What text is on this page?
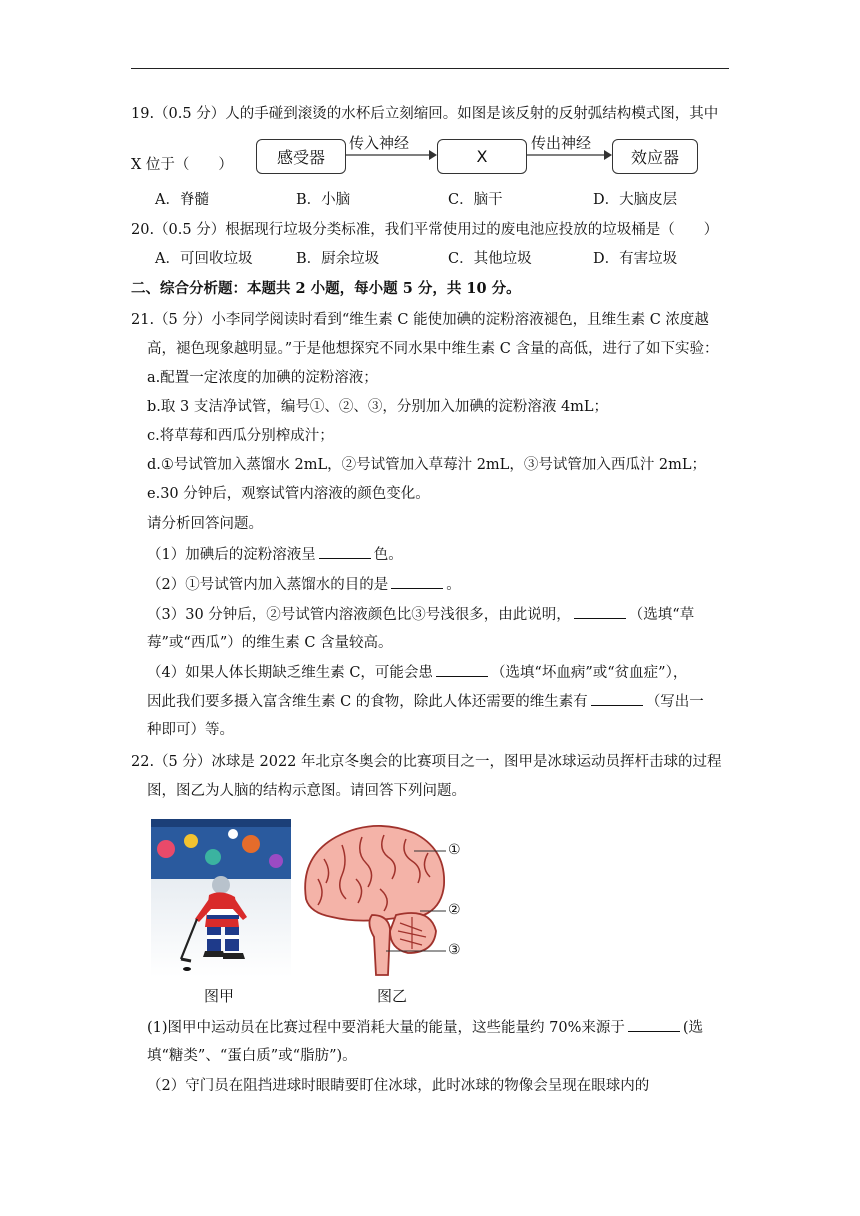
19.（0.5 分）人的手碰到滚烫的水杯后立刻缩回。如图是该反射的反射弧结构模式图，其中
X 位于（　　）	感受器
传入神经
X
传出神经
效应器
A．脊髓	B．小脑	C．脑干	D．大脑皮层
20.（0.5 分）根据现行垃圾分类标准，我们平常使用过的废电池应投放的垃圾桶是（　　）
A．可回收垃圾	B．厨余垃圾	C．其他垃圾	D．有害垃圾
二、综合分析题：本题共 2 小题，每小题 5 分，共 10 分。
21.（5 分）小李同学阅读时看到“维生素 C 能使加碘的淀粉溶液褪色，且维生素 C 浓度越
高，褪色现象越明显。”于是他想探究不同水果中维生素 C 含量的高低，进行了如下实验：
a.配置一定浓度的加碘的淀粉溶液；
b.取 3 支洁净试管，编号①、②、③，分别加入加碘的淀粉溶液 4mL；
c.将草莓和西瓜分别榨成汁；
d.①号试管加入蒸馏水 2mL，②号试管加入草莓汁 2mL，③号试管加入西瓜汁 2mL；
e.30 分钟后，观察试管内溶液的颜色变化。
请分析回答问题。
（1）加碘后的淀粉溶液呈	色。
（2）①号试管内加入蒸馏水的目的是	。
（3）30 分钟后，②号试管内溶液颜色比③号浅很多，由此说明，	（选填“草
莓”或“西瓜”）的维生素 C 含量较高。
（4）如果人体长期缺乏维生素 C，可能会患	（选填“坏血病”或“贫血症”），
因此我们要多摄入富含维生素 C 的食物，除此人体还需要的维生素有	（写出一
种即可）等。
22.（5 分）冰球是 2022 年北京冬奥会的比赛项目之一，图甲是冰球运动员挥杆击球的过程
图，图乙为人脑的结构示意图。请回答下列问题。
图甲
①
②
③
图乙
(1)图甲中运动员在比赛过程中要消耗大量的能量，这些能量约 70%来源于	(选
填“糖类”、“蛋白质”或“脂肪”)。
（2）守门员在阻挡进球时眼睛要盯住冰球，此时冰球的物像会呈现在眼球内的
